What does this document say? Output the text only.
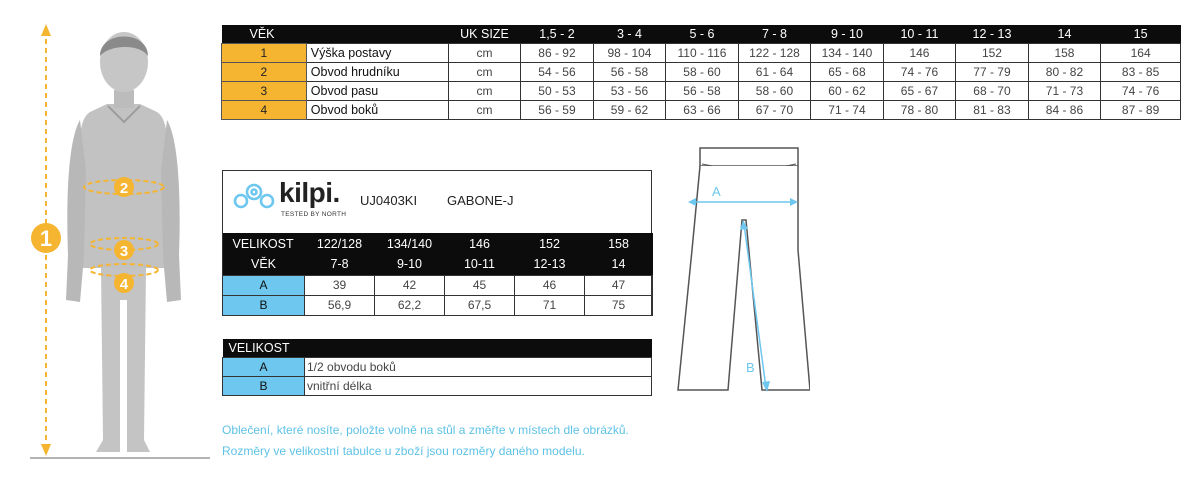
1
2
3
4
VĚK		UK SIZE	1,5 - 2	3 - 4	5 - 6	7 - 8	9 - 10	10 - 11	12 - 13	14	15
1	Výška postavy	cm	86 - 92	98 - 104	110 - 116	122 - 128	134 - 140	146	152	158	164
2	Obvod hrudníku	cm	54 - 56	56 - 58	58 - 60	61 - 64	65 - 68	74 - 76	77 - 79	80 - 82	83 - 85
3	Obvod pasu	cm	50 - 53	53 - 56	56 - 58	58 - 60	60 - 62	65 - 67	68 - 70	71 - 73	74 - 76
4	Obvod boků	cm	56 - 59	59 - 62	63 - 66	67 - 70	71 - 74	78 - 80	81 - 83	84 - 86	87 - 89
kilpi.
TESTED BY NORTH
UJ0403KI GABONE-J
VELIKOST	122/128	134/140	146	152	158
VĚK	7-8	9-10	10-11	12-13	14
A	39	42	45	46	47
B	56,9	62,2	67,5	71	75
VELIKOST	
A	1/2 obvodu boků
B	vnitřní délka
A
B
Oblečení, které nosíte, položte volně na stůl a změřte v místech dle obrázků.
Rozměry ve velikostní tabulce u zboží jsou rozměry daného modelu.
